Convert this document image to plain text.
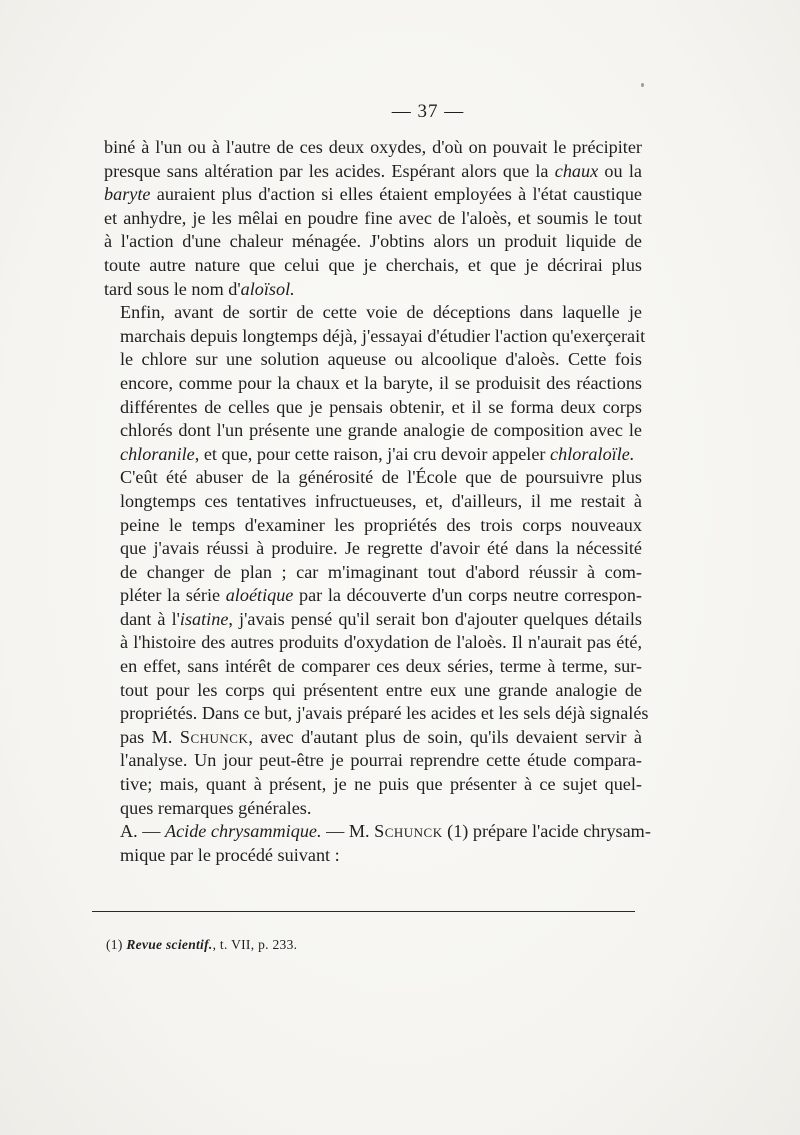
— 37 —

biné à l'un ou à l'autre de ces deux oxydes, d'où on pouvait le précipiter
presque sans altération par les acides. Espérant alors que la chaux ou la
baryte auraient plus d'action si elles étaient employées à l'état caustique
et anhydre, je les mêlai en poudre fine avec de l'aloès, et soumis le tout
à l'action d'une chaleur ménagée. J'obtins alors un produit liquide de
toute autre nature que celui que je cherchais, et que je décrirai plus
tard sous le nom d'aloïsol.

Enfin, avant de sortir de cette voie de déceptions dans laquelle je
marchais depuis longtemps déjà, j'essayai d'étudier l'action qu'exerçerait
le chlore sur une solution aqueuse ou alcoolique d'aloès. Cette fois
encore, comme pour la chaux et la baryte, il se produisit des réactions
différentes de celles que je pensais obtenir, et il se forma deux corps
chlorés dont l'un présente une grande analogie de composition avec le
chloranile, et que, pour cette raison, j'ai cru devoir appeler chloraloïle.

C'eût été abuser de la générosité de l'École que de poursuivre plus
longtemps ces tentatives infructueuses, et, d'ailleurs, il me restait à
peine le temps d'examiner les propriétés des trois corps nouveaux
que j'avais réussi à produire. Je regrette d'avoir été dans la nécessité
de changer de plan ; car m'imaginant tout d'abord réussir à com-
pléter la série aloétique par la découverte d'un corps neutre correspon-
dant à l'isatine, j'avais pensé qu'il serait bon d'ajouter quelques détails
à l'histoire des autres produits d'oxydation de l'aloès. Il n'aurait pas été,
en effet, sans intérêt de comparer ces deux séries, terme à terme, sur-
tout pour les corps qui présentent entre eux une grande analogie de
propriétés. Dans ce but, j'avais préparé les acides et les sels déjà signalés
pas M. Schunck, avec d'autant plus de soin, qu'ils devaient servir à
l'analyse. Un jour peut-être je pourrai reprendre cette étude compara-
tive; mais, quant à présent, je ne puis que présenter à ce sujet quel-
ques remarques générales.

A. — Acide chrysammique. — M. Schunck (1) prépare l'acide chrysam-
mique par le procédé suivant :

(1) Revue scientif., t. VII, p. 233.
